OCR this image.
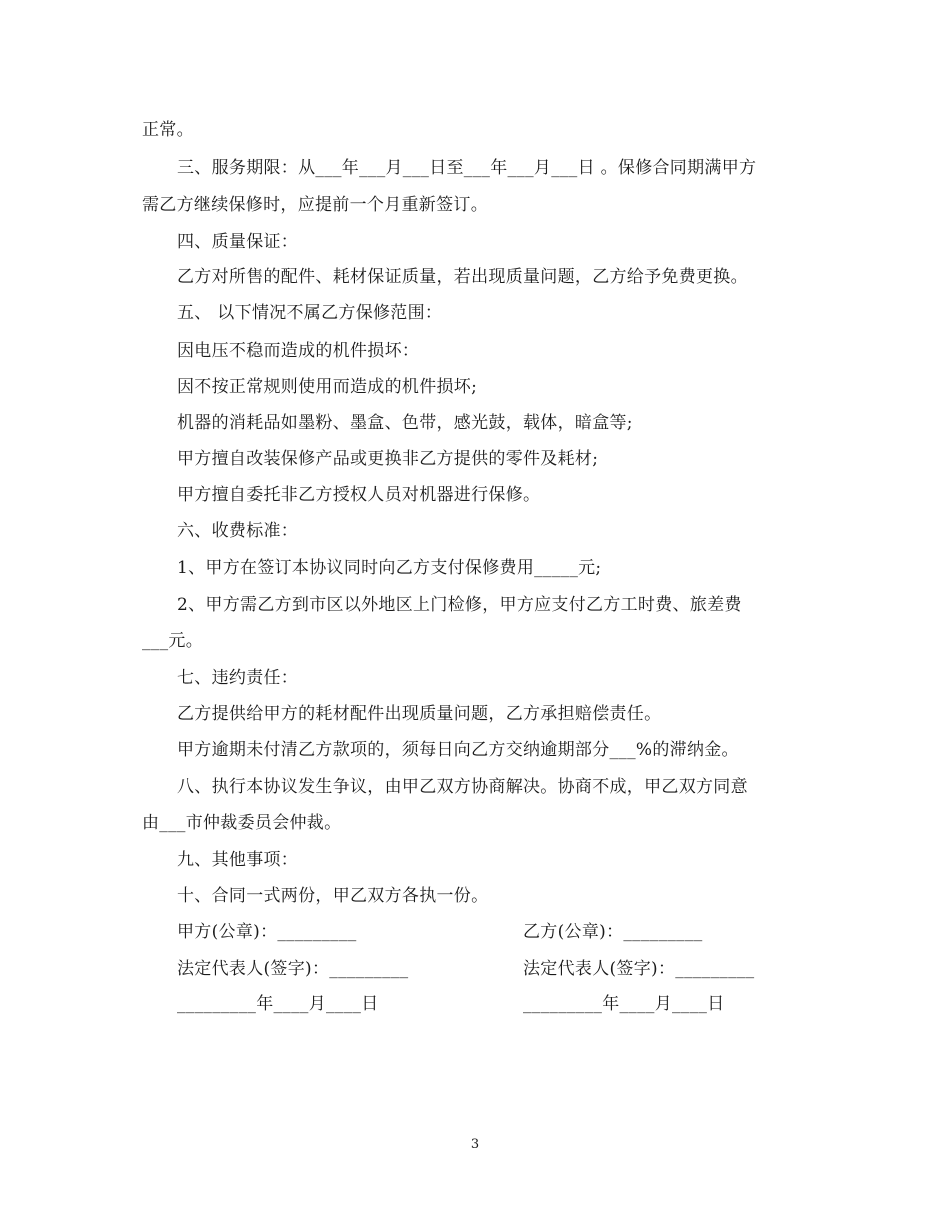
正常。
三、服务期限：从___年___月___日至___年___月___日 。保修合同期满甲方
需乙方继续保修时，应提前一个月重新签订。
四、质量保证：
乙方对所售的配件、耗材保证质量，若出现质量问题，乙方给予免费更换。
五、 以下情况不属乙方保修范围：
因电压不稳而造成的机件损坏：
因不按正常规则使用而造成的机件损坏;
机器的消耗品如墨粉、墨盒、色带，感光鼓，载体，暗盒等;
甲方擅自改装保修产品或更换非乙方提供的零件及耗材;
甲方擅自委托非乙方授权人员对机器进行保修。
六、收费标准：
1、甲方在签订本协议同时向乙方支付保修费用_____元;
2、甲方需乙方到市区以外地区上门检修，甲方应支付乙方工时费、旅差费
___元。
七、违约责任：
乙方提供给甲方的耗材配件出现质量问题，乙方承担赔偿责任。
甲方逾期未付清乙方款项的，须每日向乙方交纳逾期部分___%的滞纳金。
八、执行本协议发生争议，由甲乙双方协商解决。协商不成，甲乙双方同意
由___市仲裁委员会仲裁。
九、其他事项：
十、合同一式两份，甲乙双方各执一份。
甲方(公章)：_________	乙方(公章)：_________
法定代表人(签字)：_________	法定代表人(签字)：_________
_________年____月____日	_________年____月____日
3
